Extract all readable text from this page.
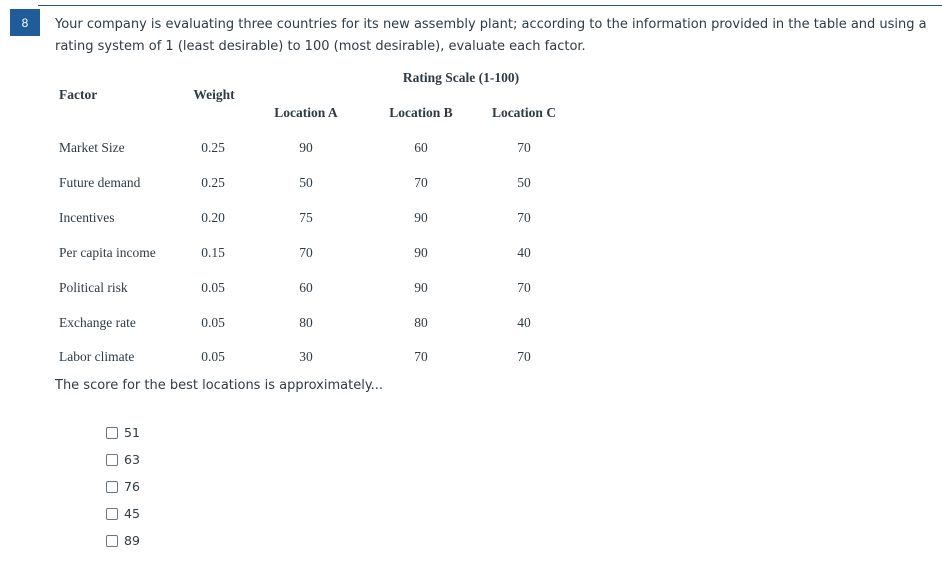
8	Your company is evaluating three countries for its new assembly plant; according to the information provided in the table and using a rating system of 1 (least desirable) to 100 (most desirable), evaluate each factor.
Rating Scale (1-100)
Factor	Weight
Location A	Location B	Location C
Market Size	0.25	90	60	70
Future demand	0.25	50	70	50
Incentives	0.20	75	90	70
Per capita income	0.15	70	90	40
Political risk	0.05	60	90	70
Exchange rate	0.05	80	80	40
Labor climate	0.05	30	70	70
The score for the best locations is approximately...
51
63
76
45
89
